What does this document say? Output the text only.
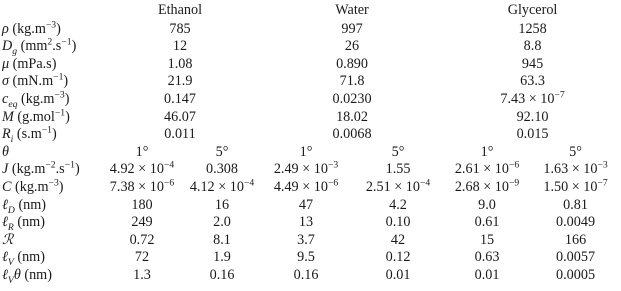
	Ethanol		Water		Glycerol	
ρ $(kg.m^{-3})$	785		997		1258	
$D_g$ $(mm^2.s^{-1})$	12		26		8.8	
μ (mPa.s)	1.08		0.890		945	
σ $(mN.m^{-1})$	21.9		71.8		63.3	
$c_{eq}$ $(kg.m^{-3})$	0.147		0.0230		$7.43 \times 10^{-7}$
M (g.mol$^{-1}$)	46.07		18.02		92.10	
$R_i$ $(s.m^{-1})$	0.011		0.0068		0.015	
θ	1°	5°	1°	5°	1°	5°
J $(kg.m^{-2}.s^{-1})$	$4.92 \times 10^{-4}$	0.308	$2.49 \times 10^{-3}$	1.55	$2.61 \times 10^{-6}$	$1.63 \times 10^{-3}$
C $(kg.m^{-3})$	$7.38 \times 10^{-6}$	$4.12 \times 10^{-4}$	$4.49 \times 10^{-6}$	$2.51 \times 10^{-4}$	$2.68 \times 10^{-9}$	$1.50 \times 10^{-7}$
ℓ$_D$ (nm)	180	16	47	4.2	9.0	0.81
ℓ$_R$ (nm)	249	2.0	13	0.10	0.61	0.0049
ℛ	0.72	8.1	3.7	42	15	166
ℓ$_V$ (nm)	72	1.9	9.5	0.12	0.63	0.0057
ℓ$_V$θ (nm)	1.3	0.16	0.16	0.01	0.01	0.0005
